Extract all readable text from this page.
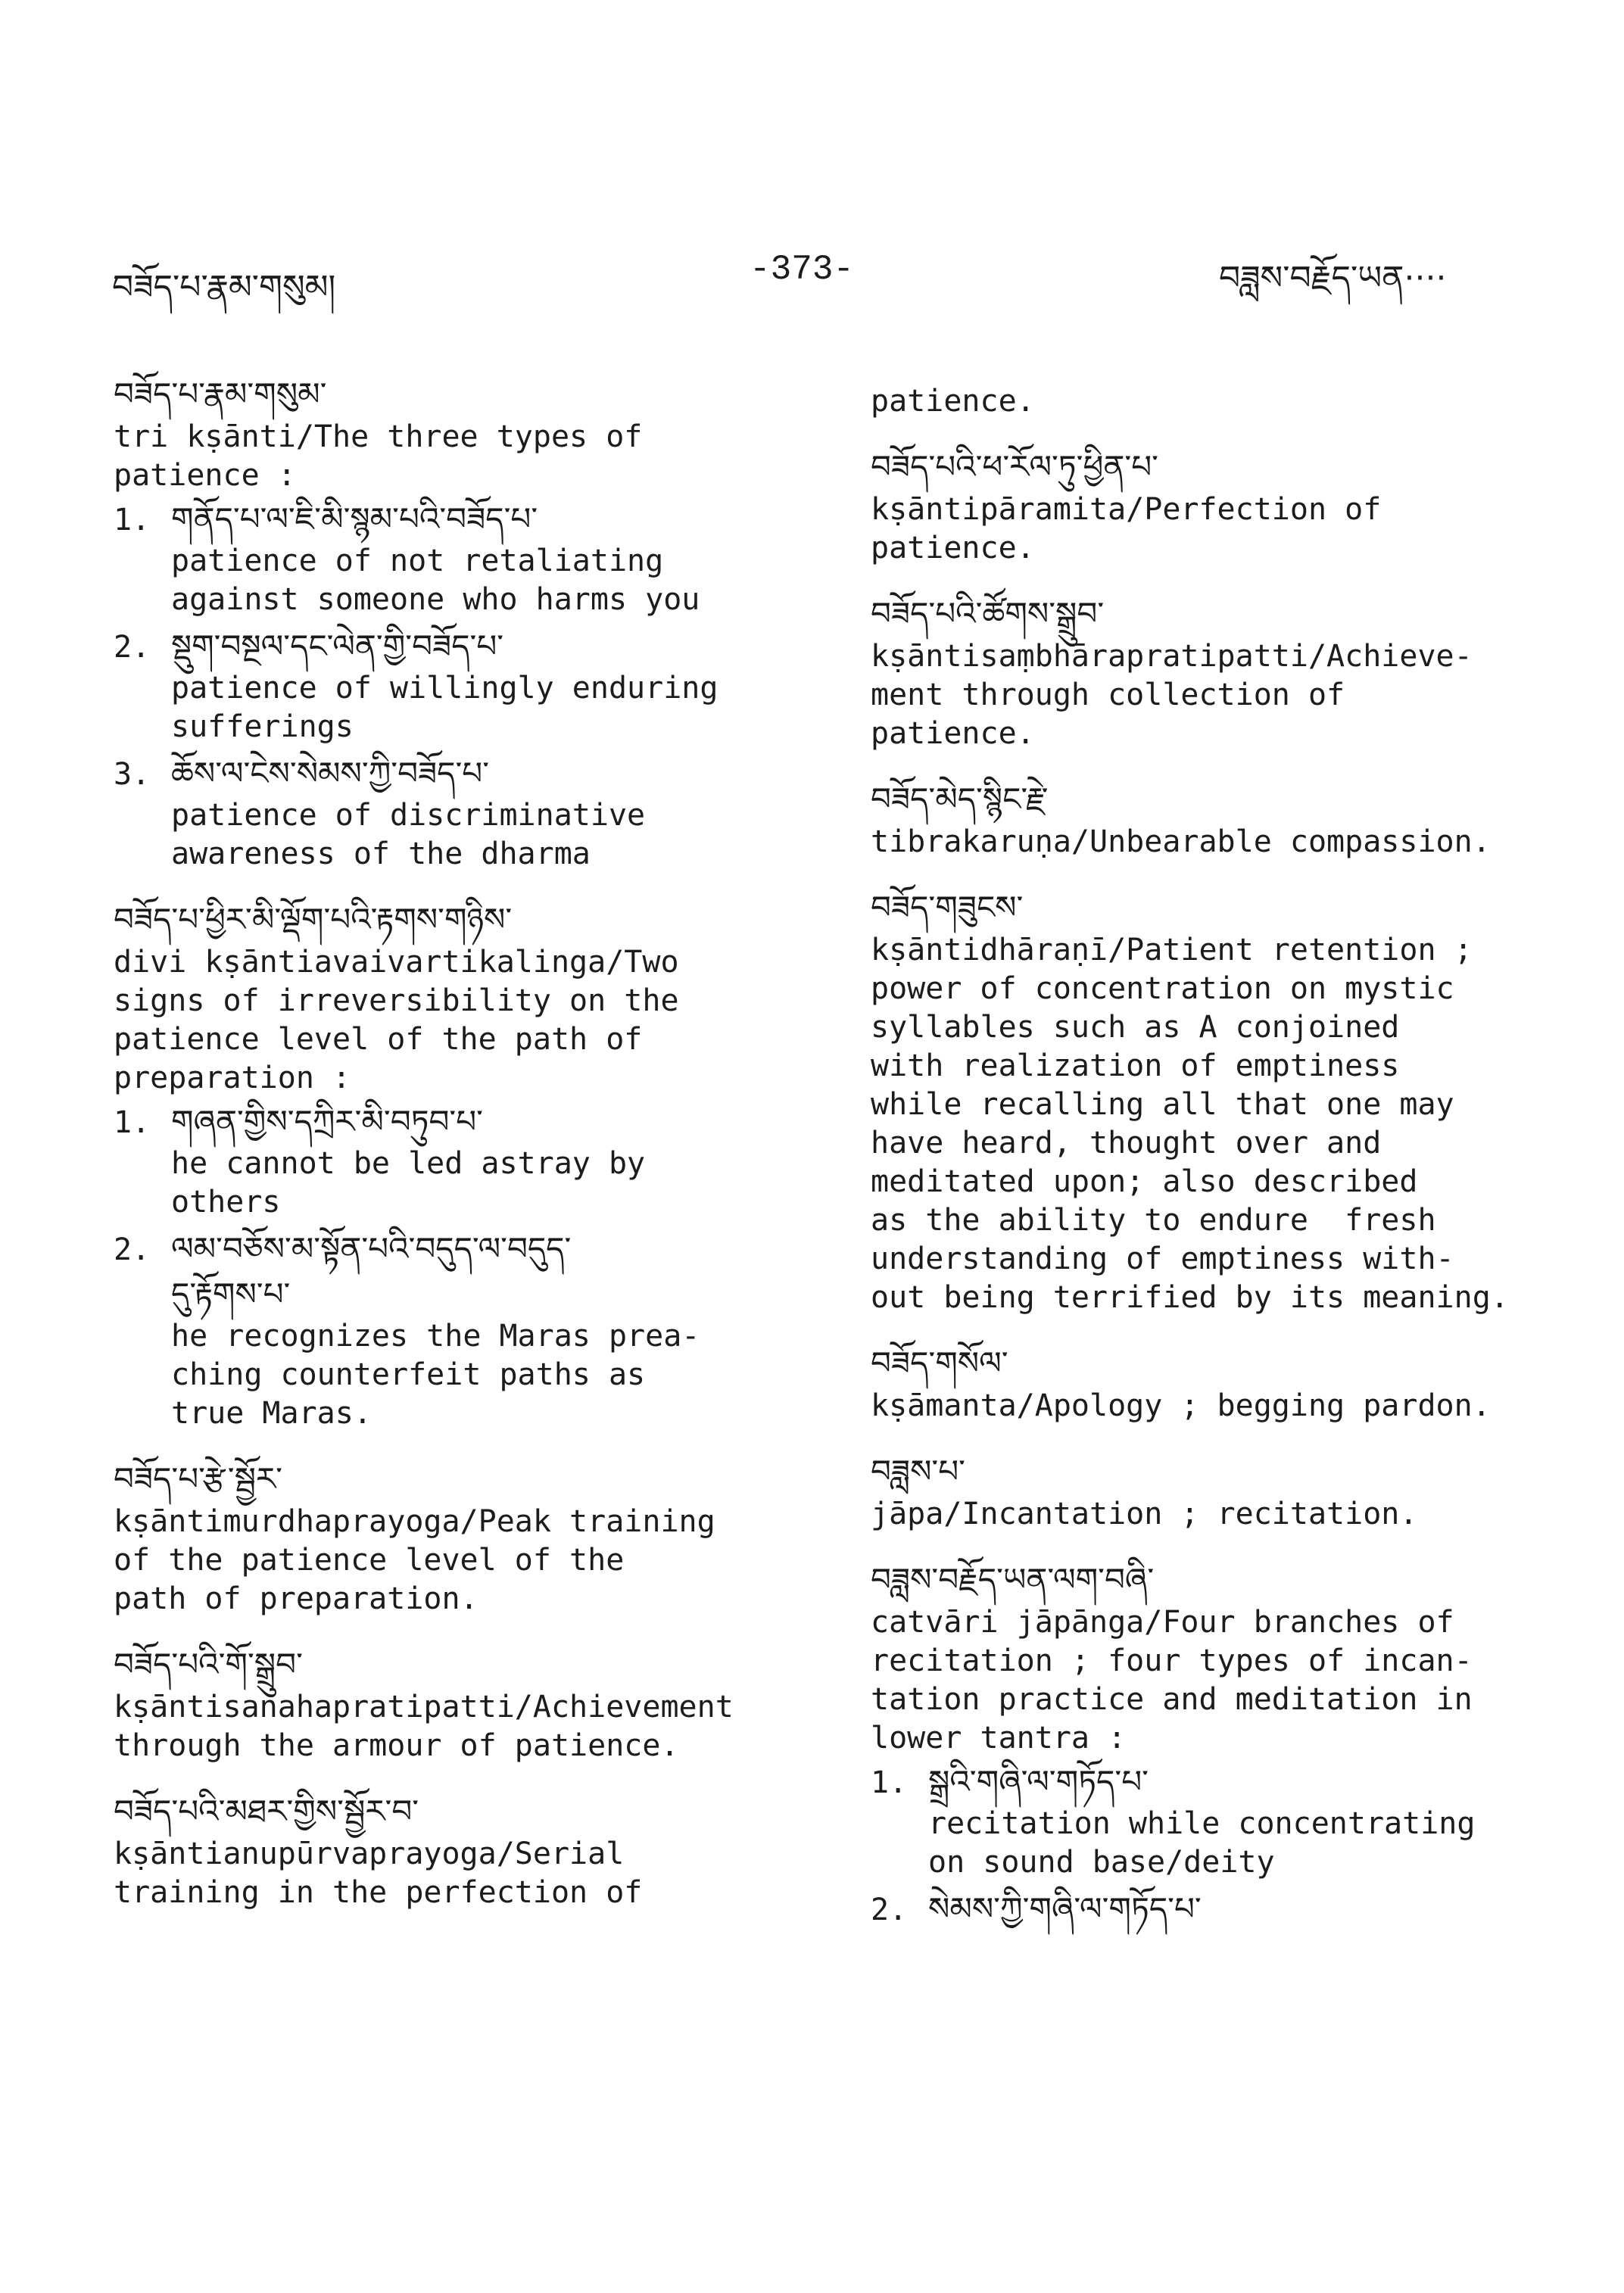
བཟོད་པ་རྣམ་གསུམ།	-373-	བཟླས་བརྗོད་ཡན····
བཟོད་པ་རྣམ་གསུམ་
tri kṣānti/The three types of
patience :
1. གནོད་པ་ལ་ཇི་མི་སྙམ་པའི་བཟོད་པ་
patience of not retaliating
against someone who harms you
2. སྡུག་བསྔལ་དང་ལེན་གྱི་བཟོད་པ་
patience of willingly enduring
sufferings
3. ཆོས་ལ་ངེས་སེམས་ཀྱི་བཟོད་པ་
patience of discriminative
awareness of the dharma
བཟོད་པ་ཕྱིར་མི་ལྡོག་པའི་རྟགས་གཉིས་
divi kṣāntiavaivartikalinga/Two
signs of irreversibility on the
patience level of the path of
preparation :
1. གཞན་གྱིས་དཀྲིར་མི་བཏུབ་པ་
he cannot be led astray by
others
2. ལམ་བཅོས་མ་སྟོན་པའི་བདུད་ལ་བདུད་
དུ་རྟོགས་པ་
he recognizes the Maras prea-
ching counterfeit paths as
true Maras.
བཟོད་པ་རྩེ་སྦྱོར་
kṣāntimurdhaprayoga/Peak training
of the patience level of the
path of preparation.
བཟོད་པའི་གོ་སྒྲུབ་
kṣāntisanahapratipatti/Achievement
through the armour of patience.
བཟོད་པའི་མཐར་གྱིས་སྦྱོར་བ་
kṣāntianupūrvaprayoga/Serial
training in the perfection of
patience.
བཟོད་པའི་ཕ་རོལ་ཏུ་ཕྱིན་པ་
kṣāntipāramita/Perfection of
patience.
བཟོད་པའི་ཚོགས་སྒྲུབ་
kṣāntisaṃbhārapratipatti/Achieve-
ment through collection of
patience.
བཟོད་མེད་སྙིང་རྗེ་
tibrakaruṇa/Unbearable compassion.
བཟོད་གཟུངས་
kṣāntidhāraṇī/Patient retention ;
power of concentration on mystic
syllables such as A conjoined
with realization of emptiness
while recalling all that one may
have heard, thought over and
meditated upon; also described
as the ability to endure  fresh
understanding of emptiness with-
out being terrified by its meaning.
བཟོད་གསོལ་
kṣāmanta/Apology ; begging pardon.
བཟླས་པ་
jāpa/Incantation ; recitation.
བཟླས་བརྗོད་ཡན་ལག་བཞི་
catvāri jāpānga/Four branches of
recitation ; four types of incan-
tation practice and meditation in
lower tantra :
1. སྒྲའི་གཞི་ལ་གཏོད་པ་
recitation while concentrating
on sound base/deity
2. སེམས་ཀྱི་གཞི་ལ་གཏོད་པ་
